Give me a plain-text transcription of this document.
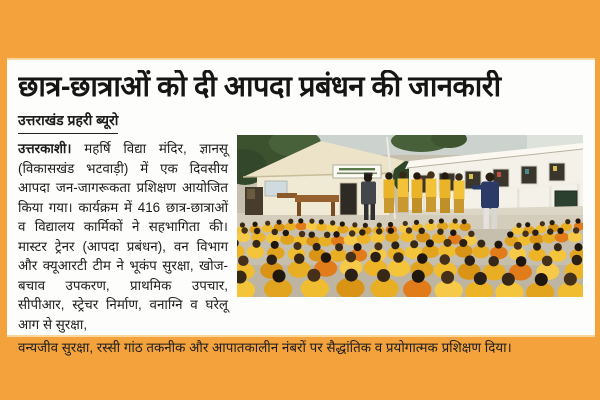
छात्र-छात्राओं को दी आपदा प्रबंधन की जानकारी
उत्तराखंड प्रहरी ब्यूरो

उत्तरकाशी। महर्षि विद्या मंदिर, ज्ञानसू (विकासखंड भटवाड़ी) में एक दिवसीय आपदा जन-जागरूकता प्रशिक्षण आयोजित किया गया। कार्यक्रम में 416 छात्र-छात्राओं व विद्यालय कार्मिकों ने सहभागिता की। मास्टर ट्रेनर (आपदा प्रबंधन), वन विभाग और क्यूआरटी टीम ने भूकंप सुरक्षा, खोज-बचाव उपकरण, प्राथमिक उपचार, सीपीआर, स्ट्रेचर निर्माण, वनाग्नि व घरेलू आग से सुरक्षा,

वन्यजीव सुरक्षा, रस्सी गांठ तकनीक और आपातकालीन नंबरों पर सैद्धांतिक व प्रयोगात्मक प्रशिक्षण दिया।
